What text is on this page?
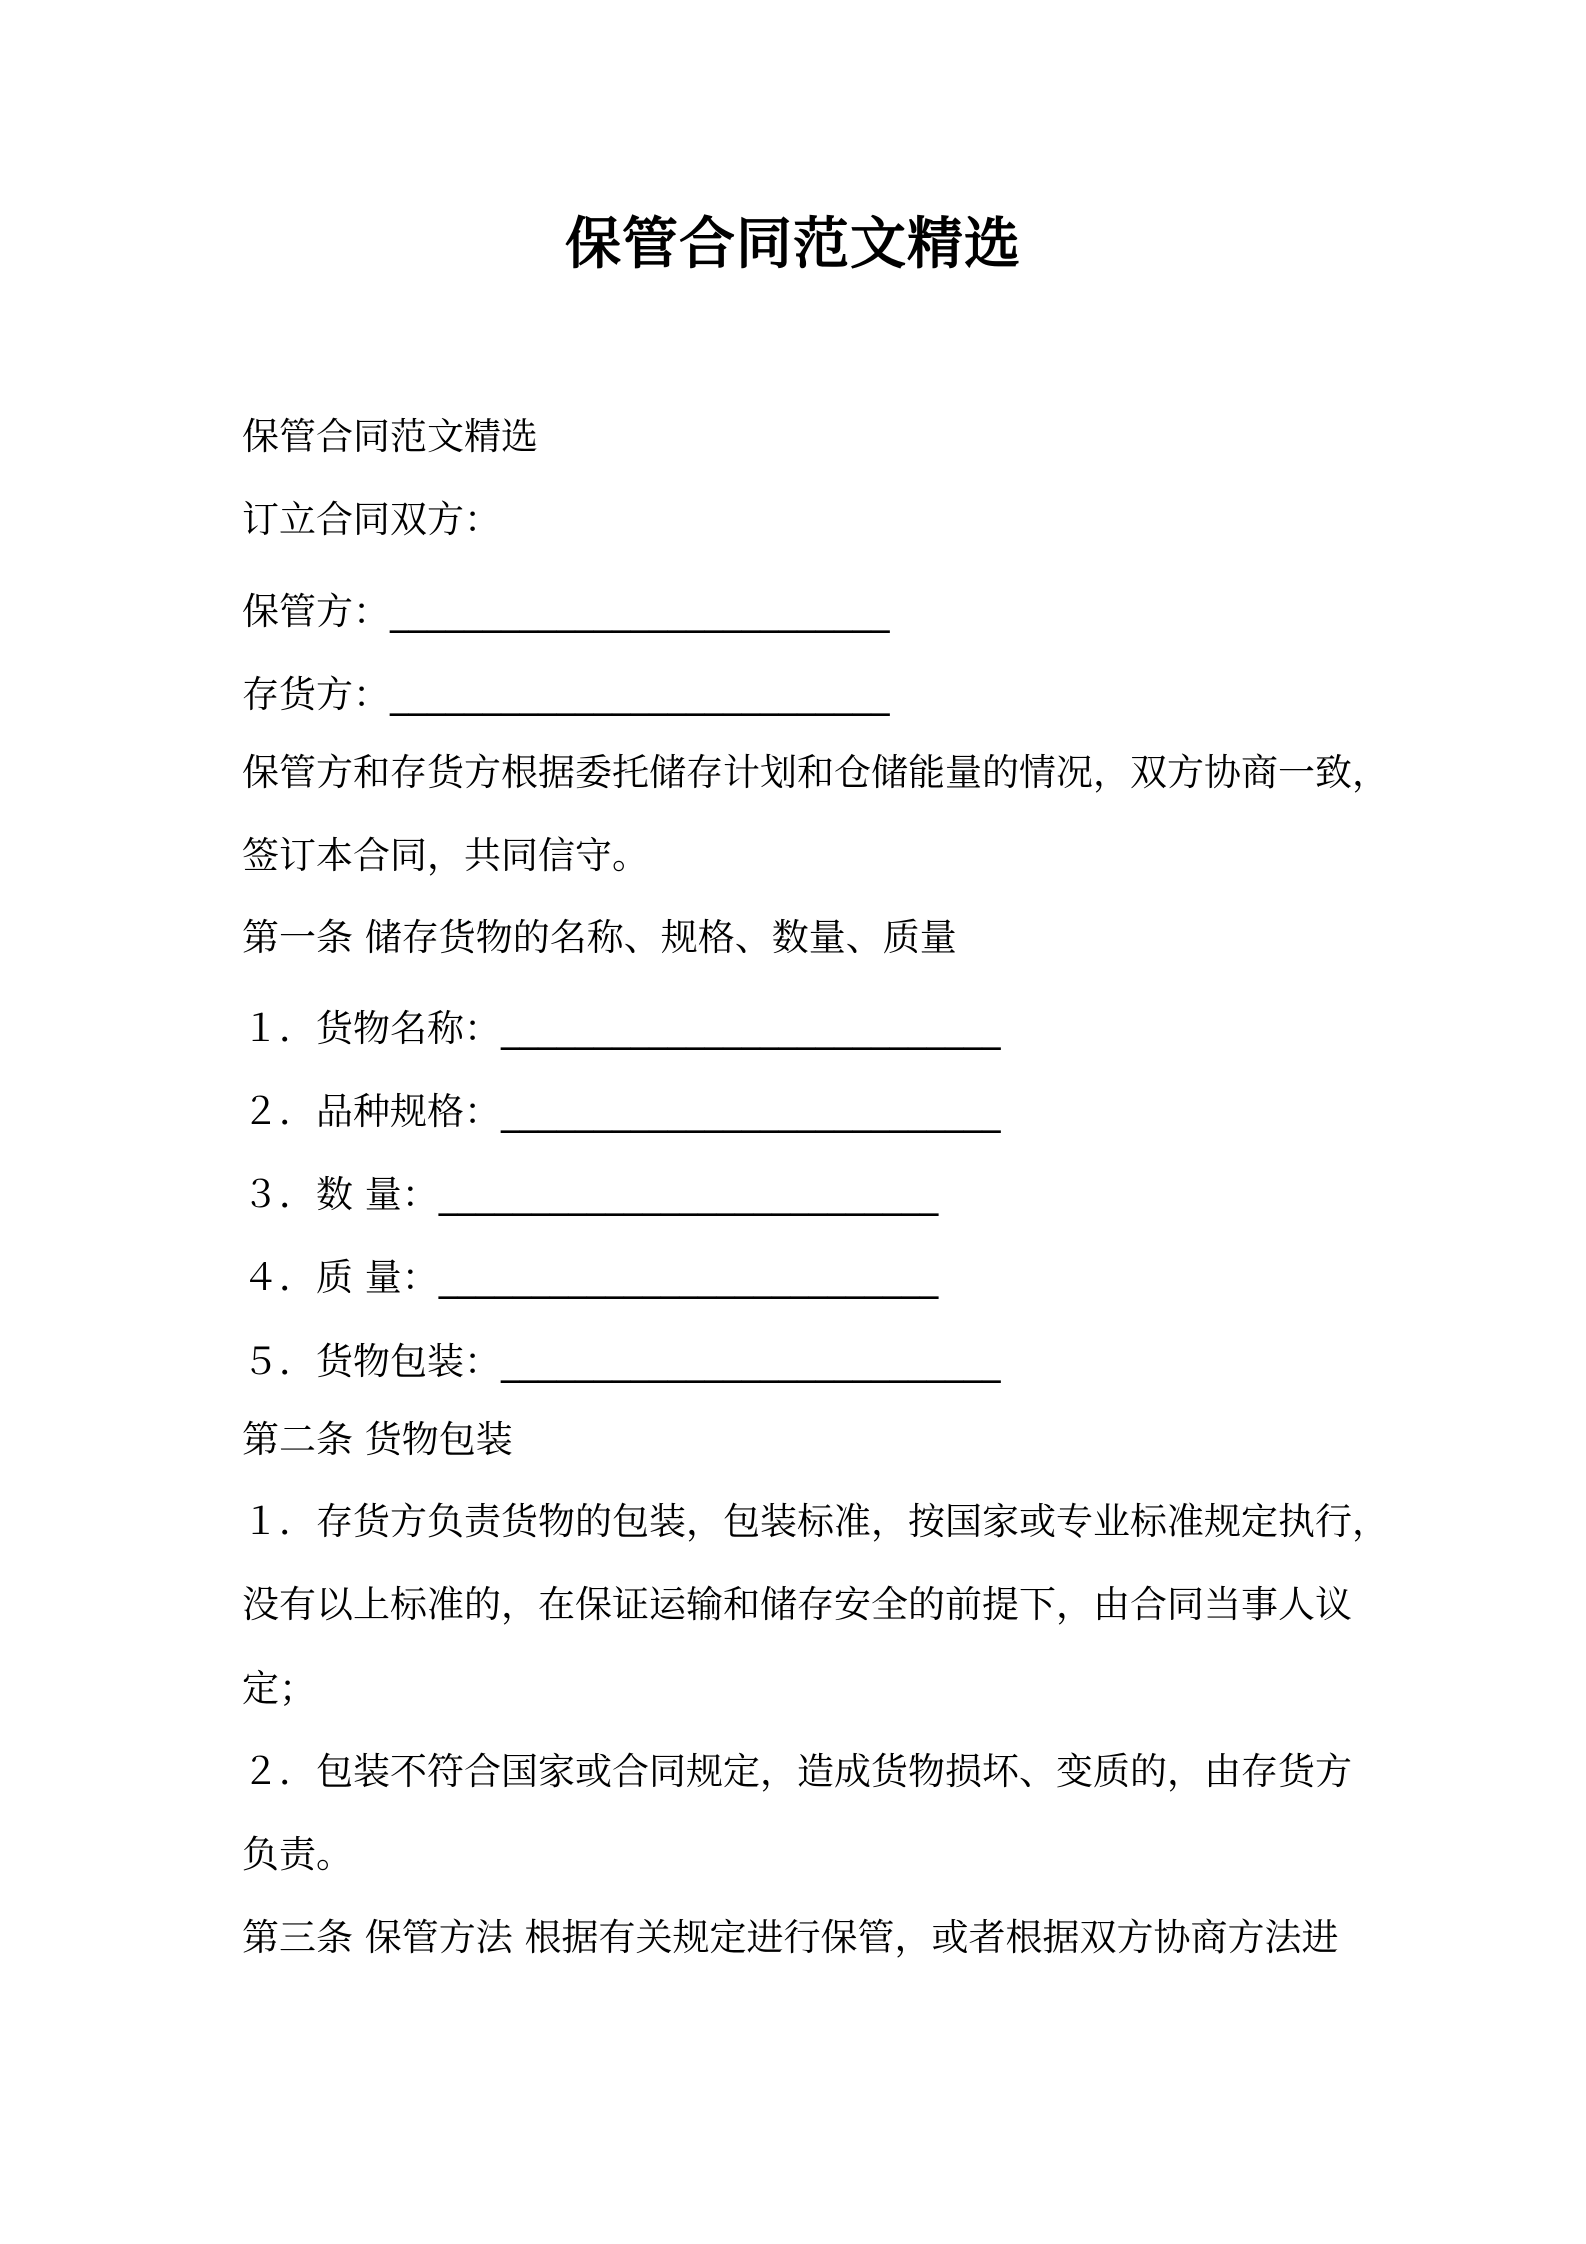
保管合同范文精选
保管合同范文精选
订立合同双方：
保管方：___________________________
存货方：___________________________
保管方和存货方根据委托储存计划和仓储能量的情况，双方协商一致，
签订本合同，共同信守。
第一条 储存货物的名称、规格、数量、质量
１．货物名称：___________________________
２．品种规格：___________________________
３．数 量：___________________________
４．质 量：___________________________
５．货物包装：___________________________
第二条 货物包装
１．存货方负责货物的包装，包装标准，按国家或专业标准规定执行，
没有以上标准的，在保证运输和储存安全的前提下，由合同当事人议
定；
２．包装不符合国家或合同规定，造成货物损坏、变质的，由存货方
负责。
第三条 保管方法 根据有关规定进行保管，或者根据双方协商方法进
